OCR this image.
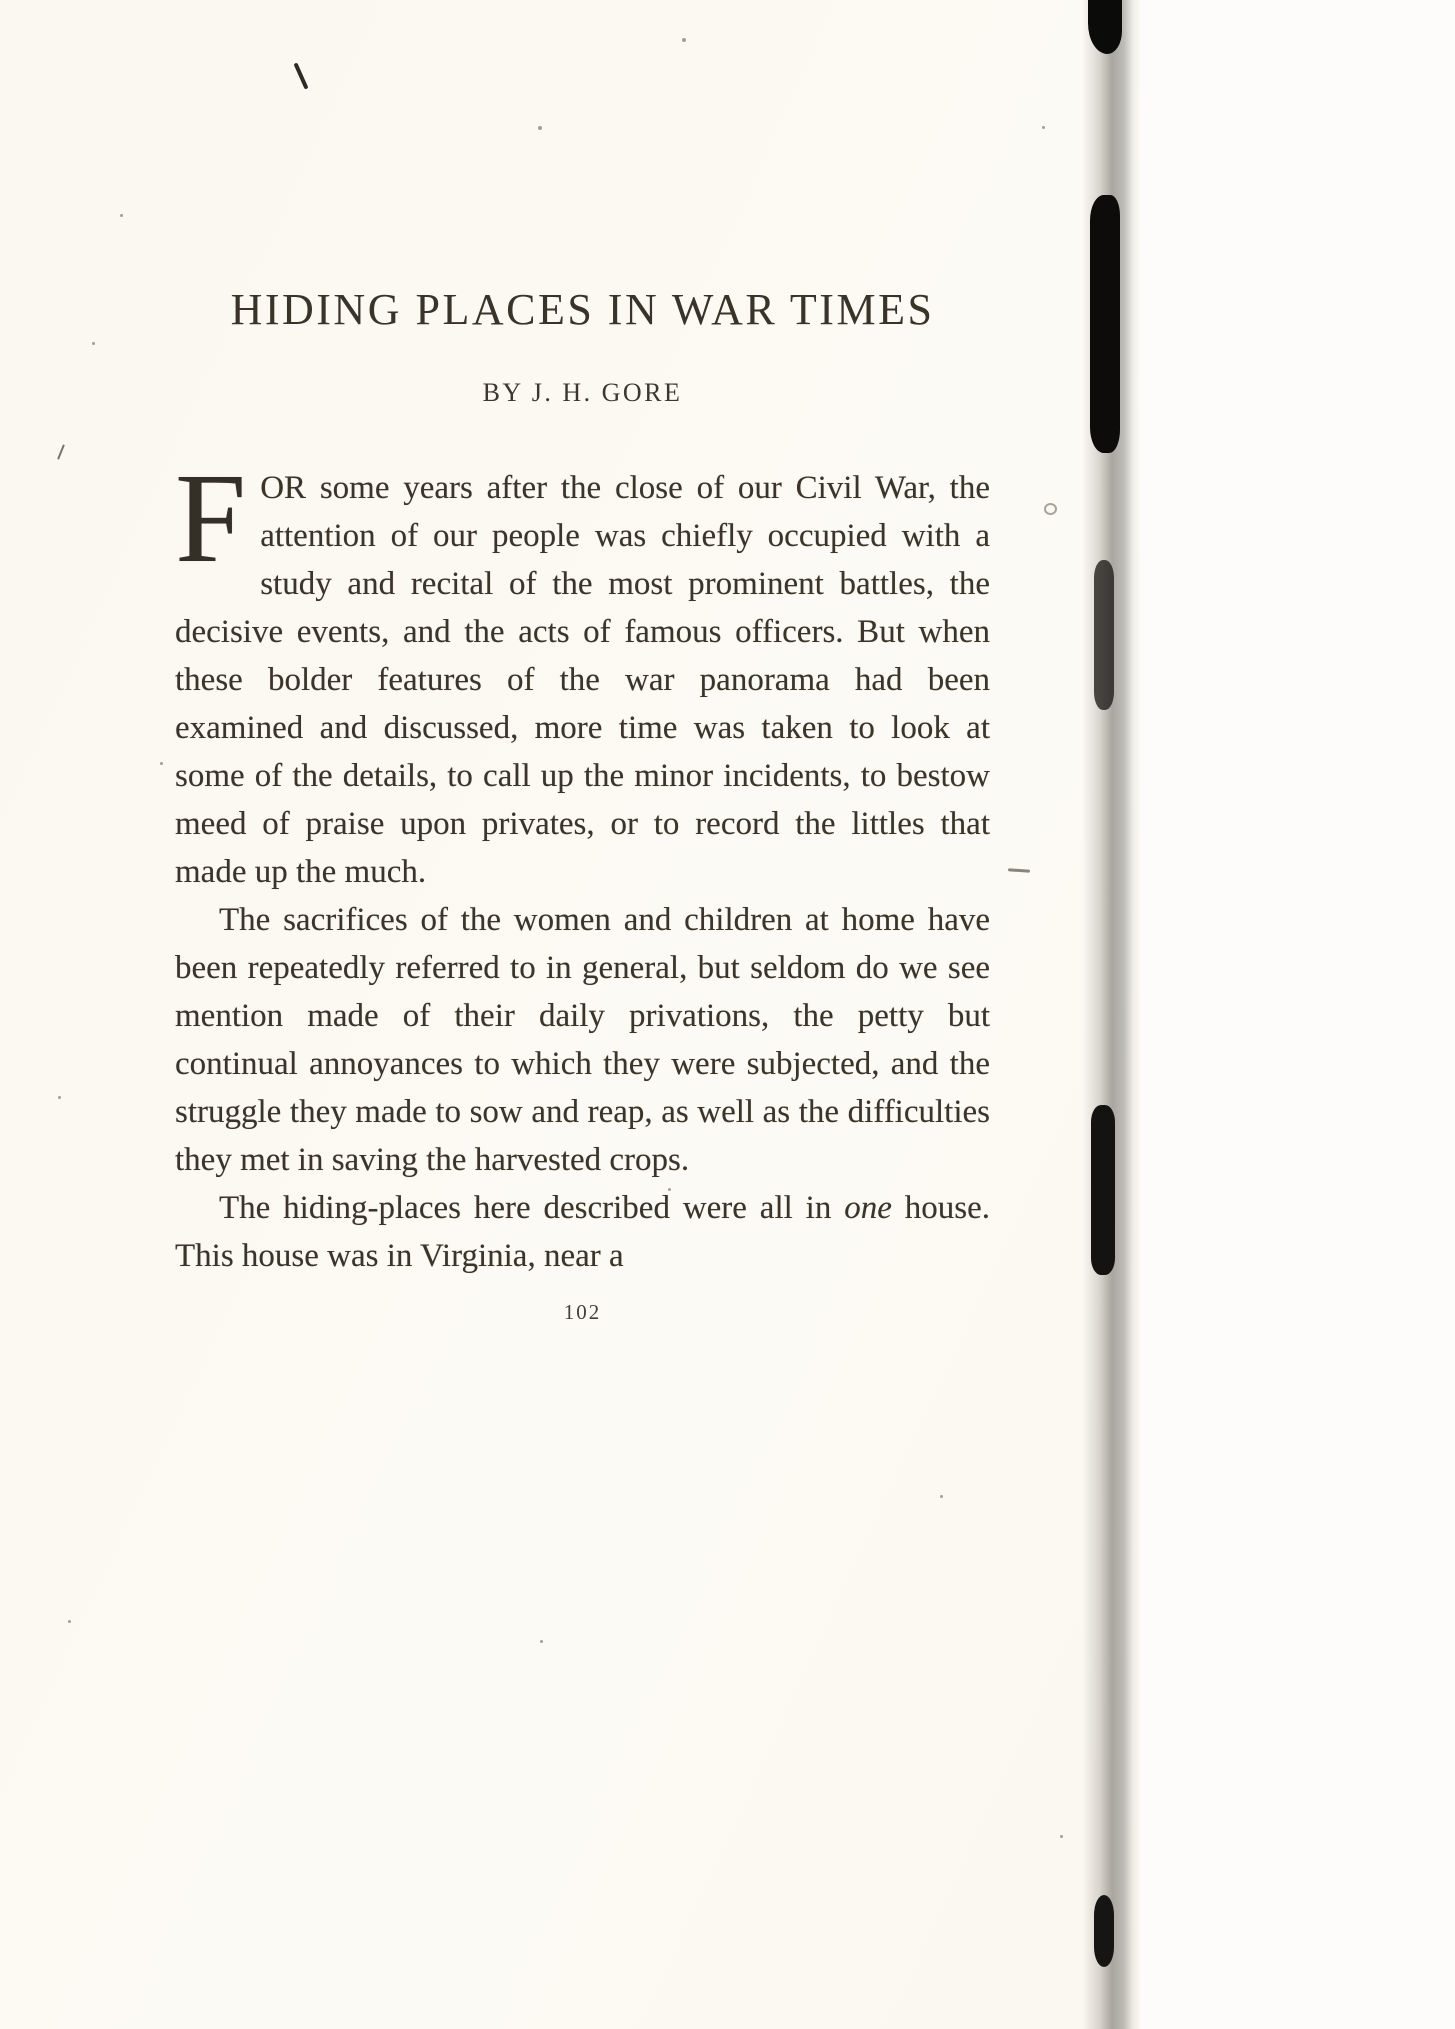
HIDING PLACES IN WAR TIMES
BY J. H. GORE

FOR some years after the close of our Civil War, the attention of our people was chiefly occupied with a study and recital of the most prominent battles, the decisive events, and the acts of famous officers. But when these bolder features of the war panorama had been examined and discussed, more time was taken to look at some of the details, to call up the minor incidents, to bestow meed of praise upon privates, or to record the littles that made up the much.

The sacrifices of the women and children at home have been repeatedly referred to in general, but seldom do we see mention made of their daily privations, the petty but continual annoyances to which they were subjected, and the struggle they made to sow and reap, as well as the difficulties they met in saving the harvested crops.

The hiding-places here described were all in one house. This house was in Virginia, near a

102
